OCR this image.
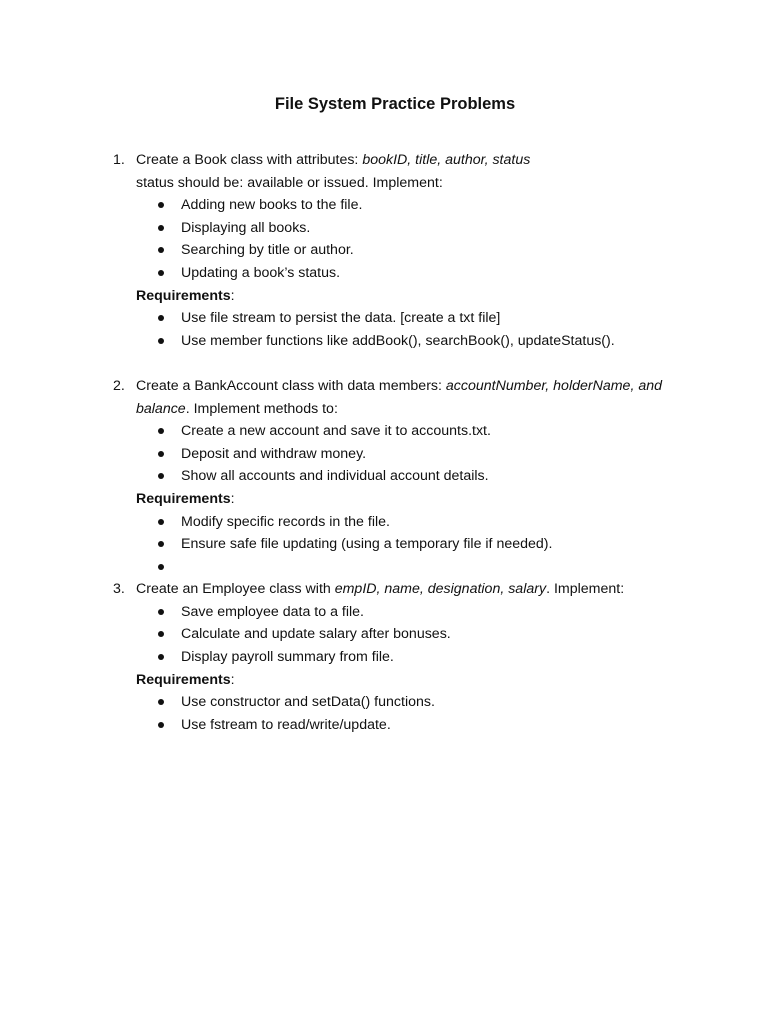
File System Practice Problems
1. Create a Book class with attributes: bookID, title, author, status

status should be: available or issued. Implement:

Adding new books to the file.
Displaying all books.
Searching by title or author.
Updating a book’s status.

Requirements:

Use file stream to persist the data. [create a txt file]
Use member functions like addBook(), searchBook(), updateStatus().
2. Create a BankAccount class with data members: accountNumber, holderName, and balance. Implement methods to:

Create a new account and save it to accounts.txt.
Deposit and withdraw money.
Show all accounts and individual account details.

Requirements:

Modify specific records in the file.
Ensure safe file updating (using a temporary file if needed).
3. Create an Employee class with empID, name, designation, salary. Implement:

Save employee data to a file.
Calculate and update salary after bonuses.
Display payroll summary from file.

Requirements:

Use constructor and setData() functions.
Use fstream to read/write/update.
